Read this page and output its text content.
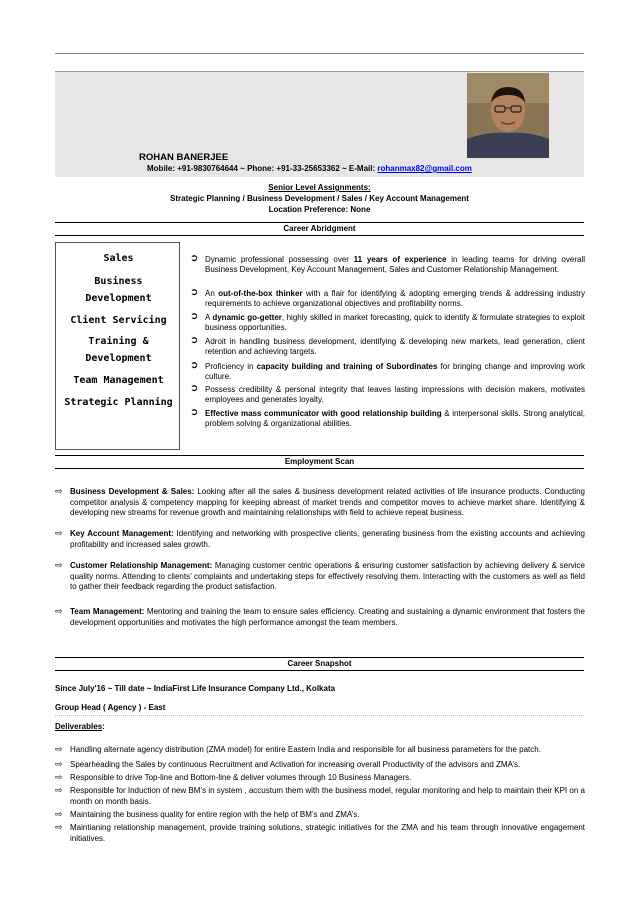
ROHAN BANERJEE
Mobile: +91-9830764644 ~ Phone: +91-33-25653362 ~ E-Mail: rohanmax82@gmail.com
Senior Level Assignments:
Strategic Planning / Business Development / Sales / Key Account Management
Location Preference: None
Career Abridgment
Sales
Business
Development
Client Servicing
Training &
Development
Team Management
Strategic Planning
➲ Dynamic professional possessing over 11 years of experience in leading teams for driving overall Business Development, Key Account Management, Sales and Customer Relationship Management.
➲ An out-of-the-box thinker with a flair for identifying & adopting emerging trends & addressing industry requirements to achieve organizational objectives and profitability norms.
➲ A dynamic go-getter, highly skilled in market forecasting, quick to identify & formulate strategies to exploit business opportunities.
➲ Adroit in handling business development, identifying & developing new markets, lead generation, client retention and achieving targets.
➲ Proficiency in capacity building and training of Subordinates for bringing change and improving work culture.
➲ Possess credibility & personal integrity that leaves lasting impressions with decision makers, motivates employees and generates loyalty.
➲ Effective mass communicator with good relationship building & interpersonal skills. Strong analytical, problem solving & organizational abilities.
Employment Scan
⇨ Business Development & Sales: Looking after all the sales & business development related activities of life insurance products. Conducting competitor analysis & competency mapping for keeping abreast of market trends and competitor moves to achieve market share. Identifying & developing new streams for revenue growth and maintaining relationships with field to achieve repeat business.
⇨ Key Account Management: Identifying and networking with prospective clients, generating business from the existing accounts and achieving profitability and increased sales growth.
⇨ Customer Relationship Management: Managing customer centric operations & ensuring customer satisfaction by achieving delivery & service quality norms. Attending to clients’ complaints and undertaking steps for effectively resolving them. Interacting with the customers as well as field to gather their feedback regarding the product satisfaction.
⇨ Team Management: Mentoring and training the team to ensure sales efficiency. Creating and sustaining a dynamic environment that fosters the development opportunities and motivates the high performance amongst the team members.
Career Snapshot
Since July'16 ~ Till date ~ IndiaFirst Life Insurance Company Ltd., Kolkata
Group Head ( Agency ) - East
Deliverables:
⇨ Handling alternate agency distribution (ZMA model) for entire Eastern India and responsible for all business parameters for the patch.
⇨ Spearheading the Sales by continuous Recruitment and Activation for increasing overall Productivity of the advisors and ZMA’s.
⇨ Responsible to drive Top-line and Bottom-line & deliver volumes through 10 Business Managers.
⇨ Responsible for Induction of new BM’s in system , accustum them with the business model, regular monitoring and help to maintain their KPI on a month on month basis.
⇨ Maintaining the business quality for entire region with the help of BM’s and ZMA’s.
⇨ Maintianing relationship management, provide training solutions, strategic initiatives for the ZMA and his team through innovative engagement initiatives.
